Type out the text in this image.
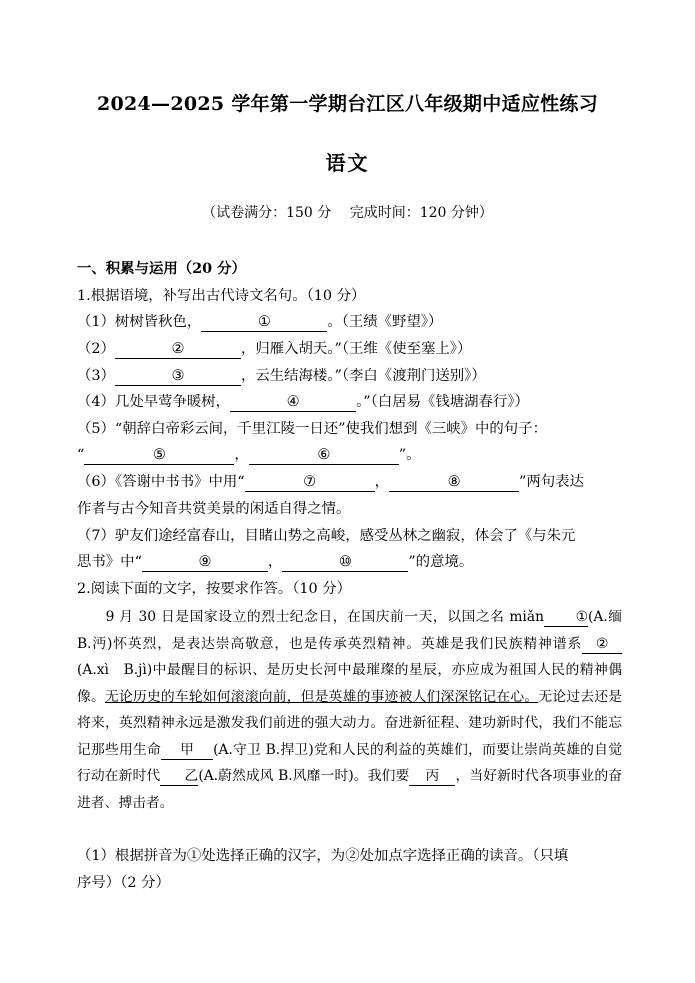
2024—2025 学年第一学期台江区八年级期中适应性练习
语文
（试卷满分：150 分　 完成时间：120 分钟）
一、积累与运用（20 分）
1.根据语境，补写出古代诗文名句。（10 分）
（1）树树皆秋色，	①	。（王绩《野望》）
（2）	②	，归雁入胡天。”（王维《使至塞上》）
（3）	③	，云生结海楼。”（李白《渡荆门送别》）
（4）几处早莺争暖树，	④	。”（白居易《钱塘湖春行》）
（5）“朝辞白帝彩云间，千里江陵一日还”使我们想到《三峡》中的句子：
“	⑤	，	⑥	”。
（6）《答谢中书书》中用“	⑦	，	⑧	”两句表达
作者与古今知音共赏美景的闲适自得之情。
（7）驴友们途经富春山，目睹山势之高峻，感受丛林之幽寂，体会了《与朱元
思书》中“	⑨	，	⑩	”的意境。
2.阅读下面的文字，按要求作答。（10 分）
　　9 月 30 日是国家设立的烈士纪念日，在国庆前一天，以国之名 miǎn ①(A.缅 B.沔)怀英烈，是表达崇高敬意，也是传承英烈精神。英雄是我们民族精神谱系 ②(A.xì　B.jì)中最醒目的标识、是历史长河中最璀璨的星辰，亦应成为祖国人民的精神偶像。无论历史的车轮如何滚滚向前，但是英雄的事迹被人们深深铭记在心。无论过去还是将来，英烈精神永远是激发我们前进的强大动力。奋进新征程、建功新时代，我们不能忘记那些用生命 甲 (A.守卫 B.捍卫)党和人民的利益的英雄们，而要让崇尚英雄的自觉行动在新时代 乙(A.蔚然成风 B.风靡一时)。我们要 丙 ，当好新时代各项事业的奋进者、搏击者。
（1）根据拼音为①处选择正确的汉字，为②处加点字选择正确的读音。（只填
序号）（2 分）
